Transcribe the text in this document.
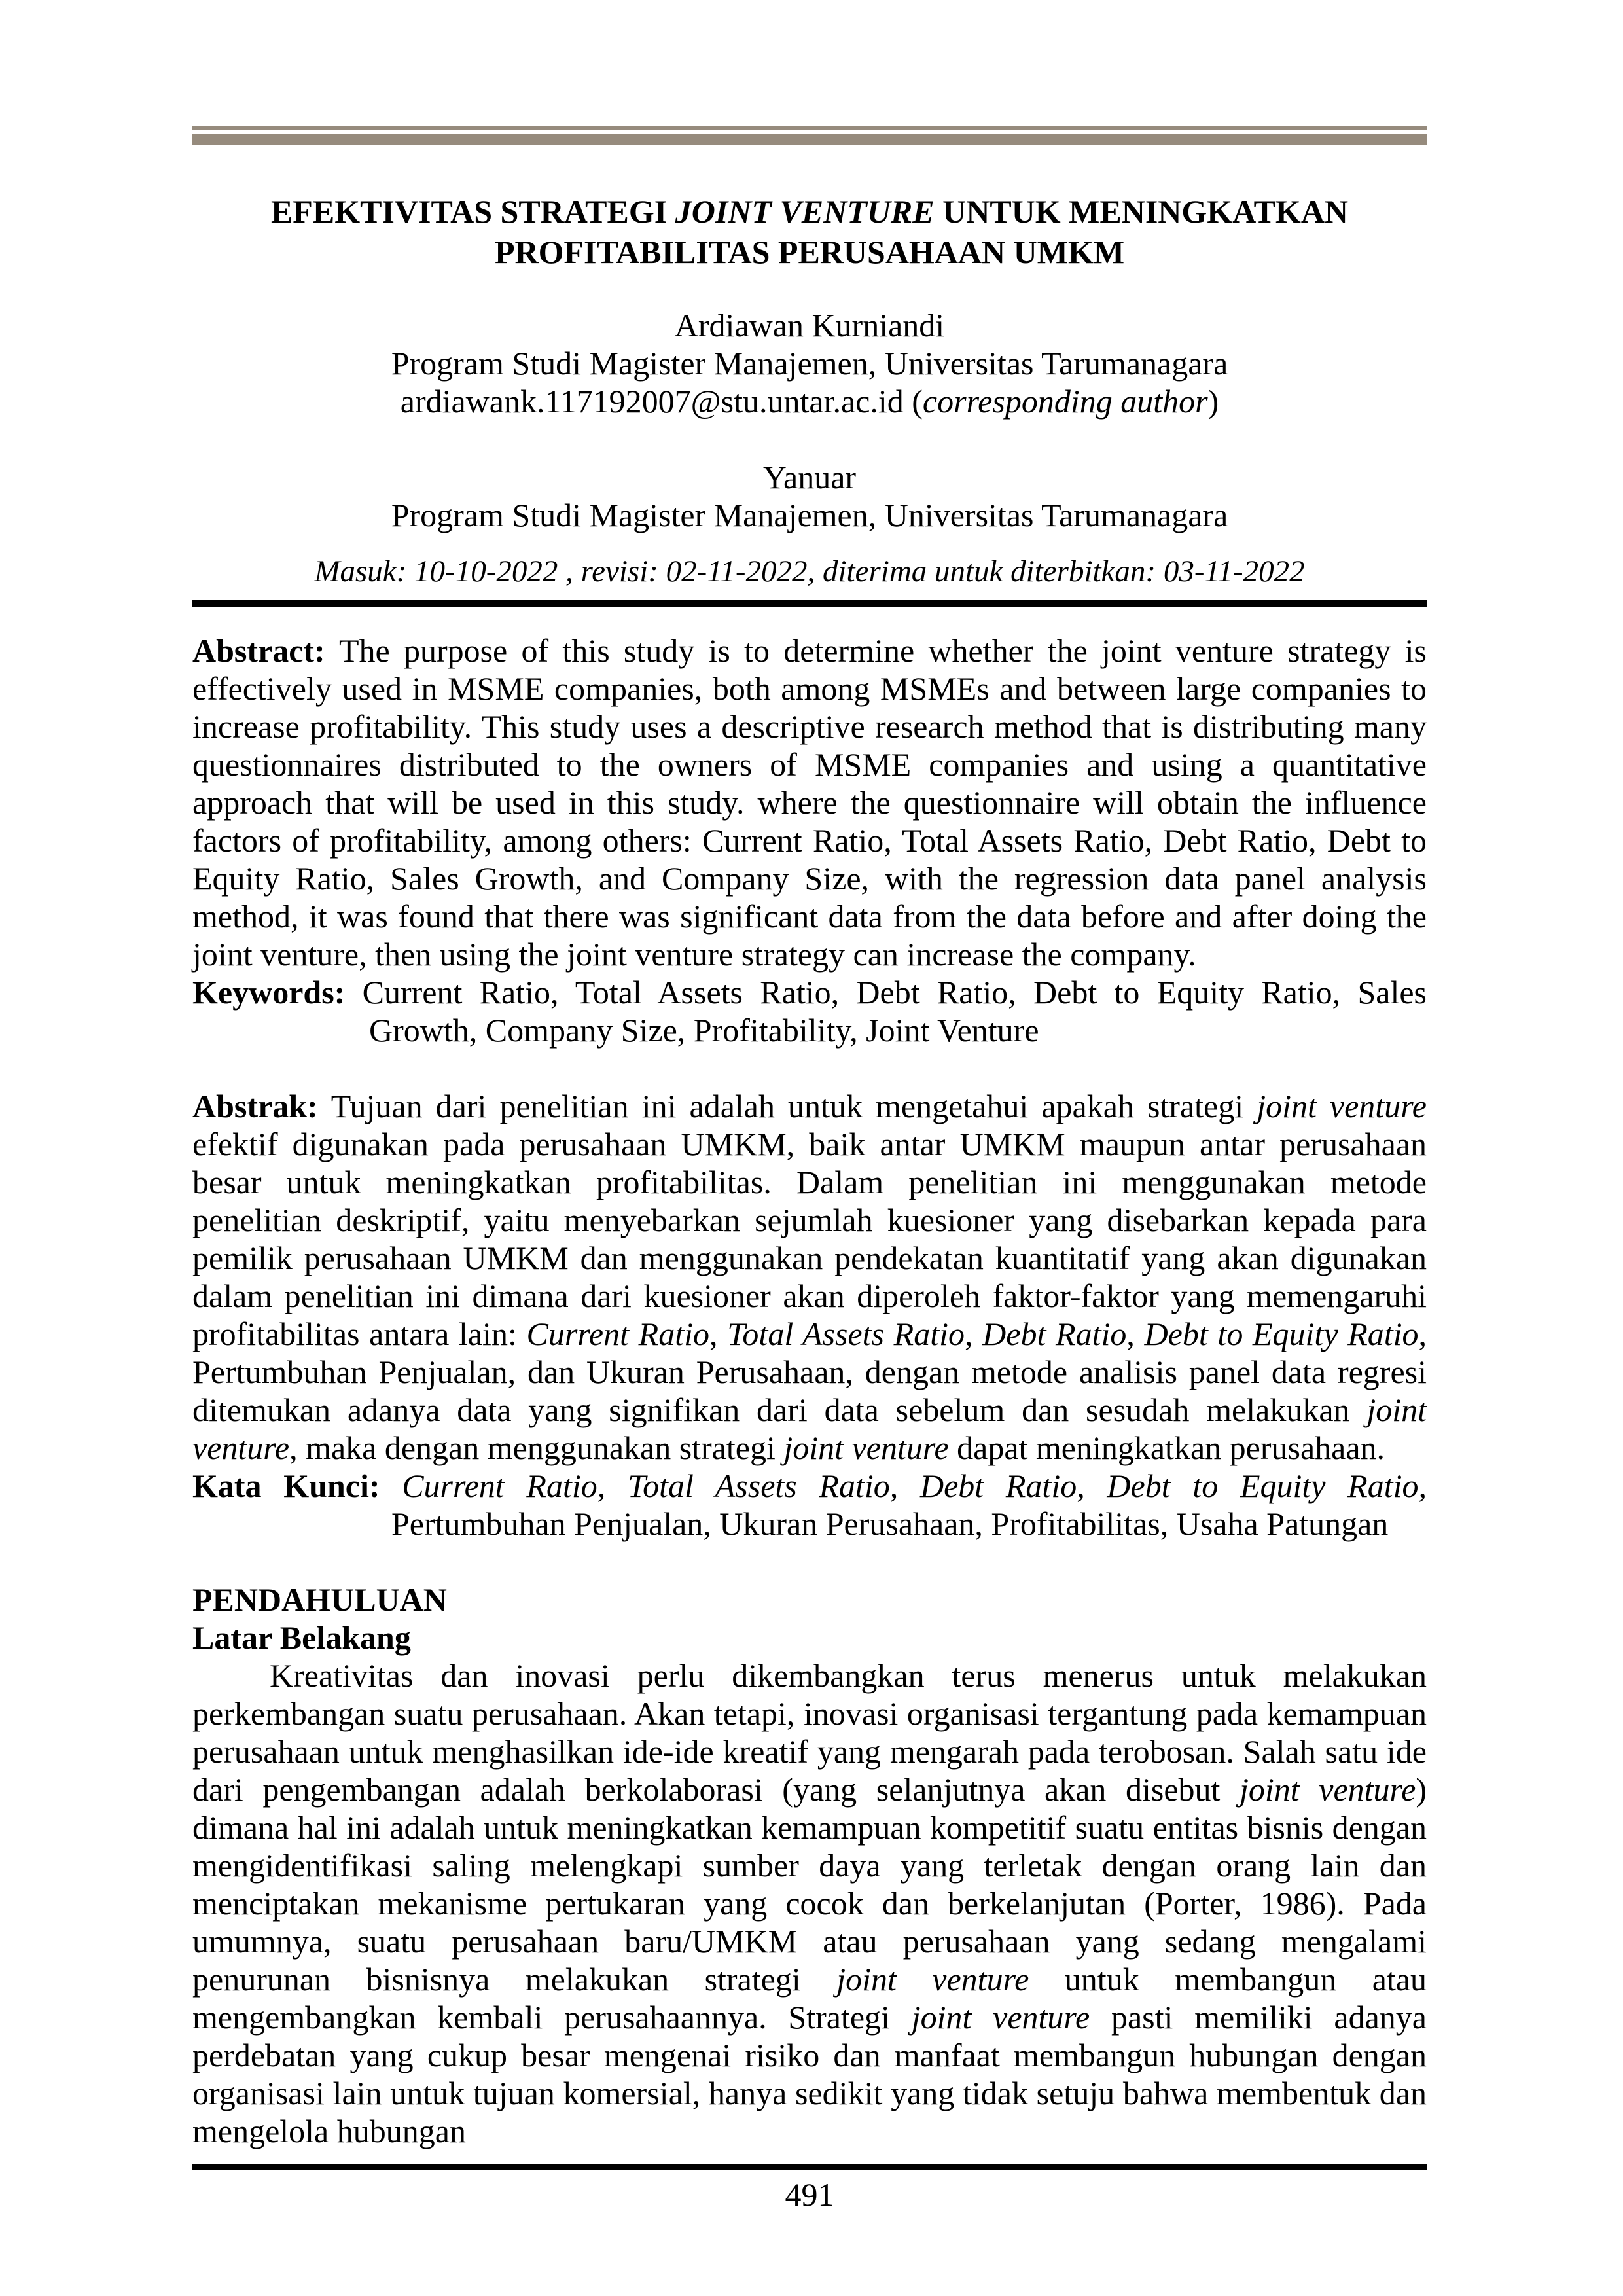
EFEKTIVITAS STRATEGI JOINT VENTURE UNTUK MENINGKATKAN
PROFITABILITAS PERUSAHAAN UMKM
Ardiawan Kurniandi
Program Studi Magister Manajemen, Universitas Tarumanagara
ardiawank.117192007@stu.untar.ac.id (corresponding author)
Yanuar
Program Studi Magister Manajemen, Universitas Tarumanagara
Masuk: 10-10-2022 , revisi: 02-11-2022, diterima untuk diterbitkan: 03-11-2022

Abstract: The purpose of this study is to determine whether the joint venture strategy is effectively used in MSME companies, both among MSMEs and between large companies to increase profitability. This study uses a descriptive research method that is distributing many questionnaires distributed to the owners of MSME companies and using a quantitative approach that will be used in this study. where the questionnaire will obtain the influence factors of profitability, among others: Current Ratio, Total Assets Ratio, Debt Ratio, Debt to Equity Ratio, Sales Growth, and Company Size, with the regression data panel analysis method, it was found that there was significant data from the data before and after doing the joint venture, then using the joint venture strategy can increase the company.

Keywords: Current Ratio, Total Assets Ratio, Debt Ratio, Debt to Equity Ratio, Sales Growth, Company Size, Profitability, Joint Venture

Abstrak: Tujuan dari penelitian ini adalah untuk mengetahui apakah strategi joint venture efektif digunakan pada perusahaan UMKM, baik antar UMKM maupun antar perusahaan besar untuk meningkatkan profitabilitas. Dalam penelitian ini menggunakan metode penelitian deskriptif, yaitu menyebarkan sejumlah kuesioner yang disebarkan kepada para pemilik perusahaan UMKM dan menggunakan pendekatan kuantitatif yang akan digunakan dalam penelitian ini dimana dari kuesioner akan diperoleh faktor-faktor yang memengaruhi profitabilitas antara lain: Current Ratio, Total Assets Ratio, Debt Ratio, Debt to Equity Ratio, Pertumbuhan Penjualan, dan Ukuran Perusahaan, dengan metode analisis panel data regresi ditemukan adanya data yang signifikan dari data sebelum dan sesudah melakukan joint venture, maka dengan menggunakan strategi joint venture dapat meningkatkan perusahaan.

Kata Kunci: Current Ratio, Total Assets Ratio, Debt Ratio, Debt to Equity Ratio, Pertumbuhan Penjualan, Ukuran Perusahaan, Profitabilitas, Usaha Patungan

PENDAHULUAN
Latar Belakang

Kreativitas dan inovasi perlu dikembangkan terus menerus untuk melakukan perkembangan suatu perusahaan. Akan tetapi, inovasi organisasi tergantung pada kemampuan perusahaan untuk menghasilkan ide-ide kreatif yang mengarah pada terobosan. Salah satu ide dari pengembangan adalah berkolaborasi (yang selanjutnya akan disebut joint venture) dimana hal ini adalah untuk meningkatkan kemampuan kompetitif suatu entitas bisnis dengan mengidentifikasi saling melengkapi sumber daya yang terletak dengan orang lain dan menciptakan mekanisme pertukaran yang cocok dan berkelanjutan (Porter, 1986). Pada umumnya, suatu perusahaan baru/UMKM atau perusahaan yang sedang mengalami penurunan bisnisnya melakukan strategi joint venture untuk membangun atau mengembangkan kembali perusahaannya. Strategi joint venture pasti memiliki adanya perdebatan yang cukup besar mengenai risiko dan manfaat membangun hubungan dengan organisasi lain untuk tujuan komersial, hanya sedikit yang tidak setuju bahwa membentuk dan mengelola hubungan

491
